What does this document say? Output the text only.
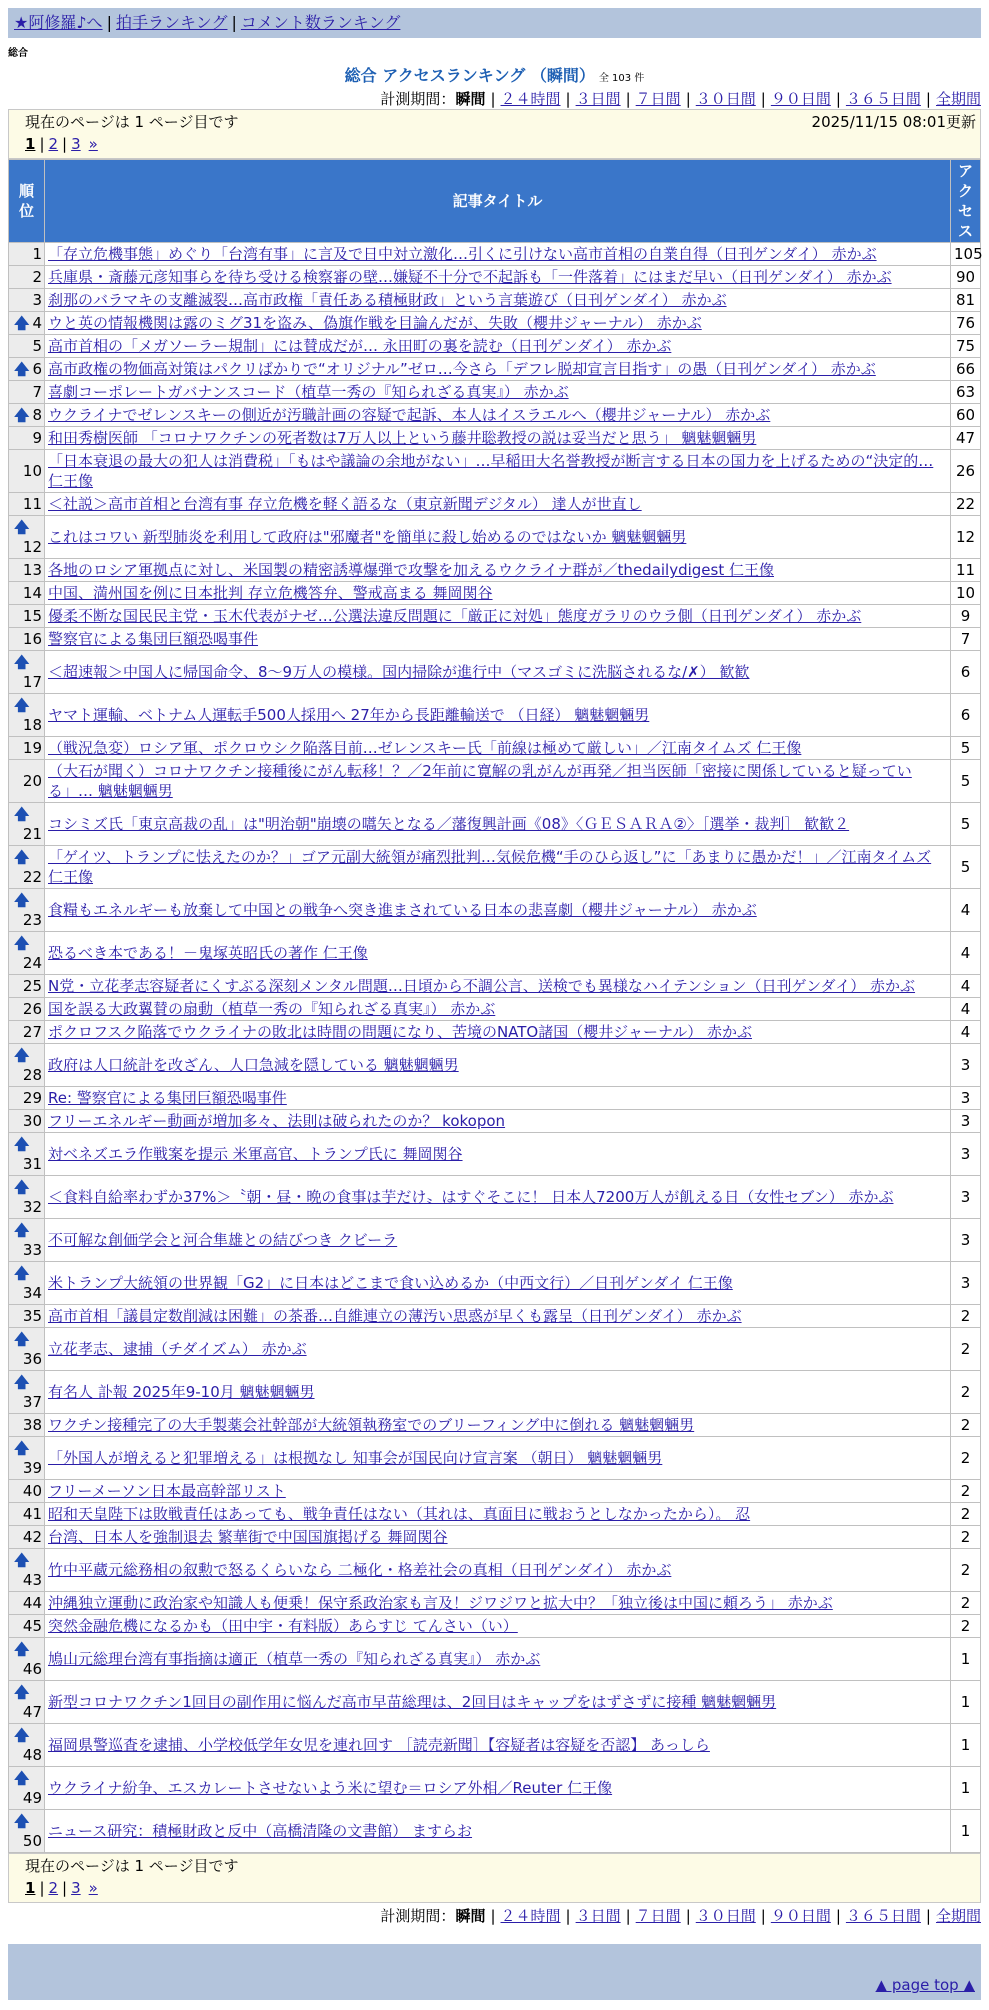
★阿修羅♪へ | 拍手ランキング | コメント数ランキング
総合
総合 アクセスランキング （瞬間） 全 103 件
計測期間：瞬間 | ２４時間 | ３日間 | ７日間 | ３０日間 | ９０日間 | ３６５日間 | 全期間
現在のページは 1 ページ目です	2025/11/15 08:01更新
1 | 2 | 3 »
順位	記事タイトル	アクセス
1	「存立危機事態」めぐり「台湾有事」に言及で日中対立激化…引くに引けない高市首相の自業自得（日刊ゲンダイ） 赤かぶ	105
2	兵庫県・斎藤元彦知事らを待ち受ける検察審の壁…嫌疑不十分で不起訴も「一件落着」にはまだ早い（日刊ゲンダイ） 赤かぶ	90
3	刹那のバラマキの支離滅裂…高市政権「責任ある積極財政」という言葉遊び（日刊ゲンダイ） 赤かぶ	81

🡅 4	ウと英の情報機関は露のミグ31を盗み、偽旗作戦を目論んだが、失敗（櫻井ジャーナル） 赤かぶ	76
5	高市首相の「メガソーラー規制」には賛成だが… 永田町の裏を読む（日刊ゲンダイ） 赤かぶ	75

🡅 6	高市政権の物価高対策はパクリばかりで“オリジナル”ゼロ…今さら「デフレ脱却宣言目指す」の愚（日刊ゲンダイ） 赤かぶ	66
7	喜劇コーポレートガバナンスコード（植草一秀の『知られざる真実』） 赤かぶ	63

🡅 8	ウクライナでゼレンスキーの側近が汚職計画の容疑で起訴、本人はイスラエルへ（櫻井ジャーナル） 赤かぶ	60
9	和田秀樹医師 「コロナワクチンの死者数は7万人以上という藤井聡教授の説は妥当だと思う」 魑魅魍魎男	47
10	「日本衰退の最大の犯人は消費税」「もはや議論の余地がない」…早稲田大名誉教授が断言する日本の国力を上げるための“決定的… 仁王像	26
11	＜社説＞高市首相と台湾有事 存立危機を軽く語るな（東京新聞デジタル） 達人が世直し	22

🡅
12	これはコワい 新型肺炎を利用して政府は"邪魔者"を簡単に殺し始めるのではないか 魑魅魍魎男	12
13	各地のロシア軍拠点に対し、米国製の精密誘導爆弾で攻撃を加えるウクライナ群が／thedailydigest 仁王像	11
14	中国、満州国を例に日本批判 存立危機答弁、警戒高まる 舞岡関谷	10
15	優柔不断な国民民主党・玉木代表がナゼ…公選法違反問題に「厳正に対処」態度ガラリのウラ側（日刊ゲンダイ） 赤かぶ	9
16	警察官による集団巨額恐喝事件	7

🡅
17	＜超速報＞中国人に帰国命令、8～9万人の模様。国内掃除が進行中（マスゴミに洗脳されるな/✗） 歓歓	6

🡅
18	ヤマト運輸、ベトナム人運転手500人採用へ 27年から長距離輸送で （日経） 魑魅魍魎男	6
19	（戦況急変）ロシア軍、ポクロウシク陥落目前…ゼレンスキー氏「前線は極めて厳しい」／江南タイムズ 仁王像	5
20	（大石が聞く）コロナワクチン接種後にがん転移！？／2年前に寛解の乳がんが再発／担当医師「密接に関係していると疑っている」… 魑魅魍魎男	5

🡅
21	コシミズ氏「東京高裁の乱」は"明治朝"崩壊の嚆矢となる／藩復興計画《08》〈ＧＥＳＡＲＡ②〉［選挙・裁判］ 歓歓２	5

🡅
22	「ゲイツ、トランプに怯えたのか？」ゴア元副大統領が痛烈批判…気候危機“手のひら返し”に「あまりに愚かだ！」／江南タイムズ 仁王像	5

🡅
23	食糧もエネルギーも放棄して中国との戦争へ突き進まされている日本の悲喜劇（櫻井ジャーナル） 赤かぶ	4

🡅
24	恐るべき本である！－鬼塚英昭氏の著作 仁王像	4
25	N党・立花孝志容疑者にくすぶる深刻メンタル問題…日頃から不調公言、送検でも異様なハイテンション（日刊ゲンダイ） 赤かぶ	4
26	国を誤る大政翼賛の扇動（植草一秀の『知られざる真実』） 赤かぶ	4
27	ポクロフスク陥落でウクライナの敗北は時間の問題になり、苦境のNATO諸国（櫻井ジャーナル） 赤かぶ	4

🡅
28	政府は人口統計を改ざん、人口急減を隠している 魑魅魍魎男	3
29	Re: 警察官による集団巨額恐喝事件	3
30	フリーエネルギー動画が増加多々、法則は破られたのか？ kokopon	3

🡅
31	対ベネズエラ作戦案を提示 米軍高官、トランプ氏に 舞岡関谷	3

🡅
32	＜食料自給率わずか37%＞〝朝・昼・晩の食事は芋だけ〟はすぐそこに！ 日本人7200万人が飢える日（女性セブン） 赤かぶ	3

🡅
33	不可解な創価学会と河合隼雄との結びつき クビーラ	3

🡅
34	米トランプ大統領の世界観「G2」に日本はどこまで食い込めるか（中西文行）／日刊ゲンダイ 仁王像	3
35	高市首相「議員定数削減は困難」の茶番…自維連立の薄汚い思惑が早くも露呈（日刊ゲンダイ） 赤かぶ	2

🡅
36	立花孝志、逮捕（チダイズム） 赤かぶ	2

🡅
37	有名人 訃報 2025年9-10月 魑魅魍魎男	2
38	ワクチン接種完了の大手製薬会社幹部が大統領執務室でのブリーフィング中に倒れる 魑魅魍魎男	2

🡅
39	「外国人が増えると犯罪増える」は根拠なし 知事会が国民向け宣言案 （朝日） 魑魅魍魎男	2
40	フリーメーソン日本最高幹部リスト	2
41	昭和天皇陛下は敗戦責任はあっても、戦争責任はない（其れは、真面目に戦おうとしなかったから）。 忍	2
42	台湾、日本人を強制退去 繁華街で中国国旗掲げる 舞岡関谷	2

🡅
43	竹中平蔵元総務相の叙勲で怒るくらいなら 二極化・格差社会の真相（日刊ゲンダイ） 赤かぶ	2
44	沖縄独立運動に政治家や知識人も便乗！保守系政治家も言及！ジワジワと拡大中？「独立後は中国に頼ろう」 赤かぶ	2
45	突然金融危機になるかも（田中宇・有料版）あらすじ てんさい（い）	2

🡅
46	鳩山元総理台湾有事指摘は適正（植草一秀の『知られざる真実』） 赤かぶ	1

🡅
47	新型コロナワクチン1回目の副作用に悩んだ高市早苗総理は、2回目はキャップをはずさずに接種 魑魅魍魎男	1

🡅
48	福岡県警巡査を逮捕、小学校低学年女児を連れ回す ［読売新聞］【容疑者は容疑を否認】 あっしら	1

🡅
49	ウクライナ紛争、エスカレートさせないよう米に望む＝ロシア外相／Reuter 仁王像	1

🡅
50	ニュース研究：積極財政と反中（高橋清隆の文書館） ますらお	1
現在のページは 1 ページ目です
1 | 2 | 3 »
計測期間：瞬間 | ２４時間 | ３日間 | ７日間 | ３０日間 | ９０日間 | ３６５日間 | 全期間
▲ page top ▲
